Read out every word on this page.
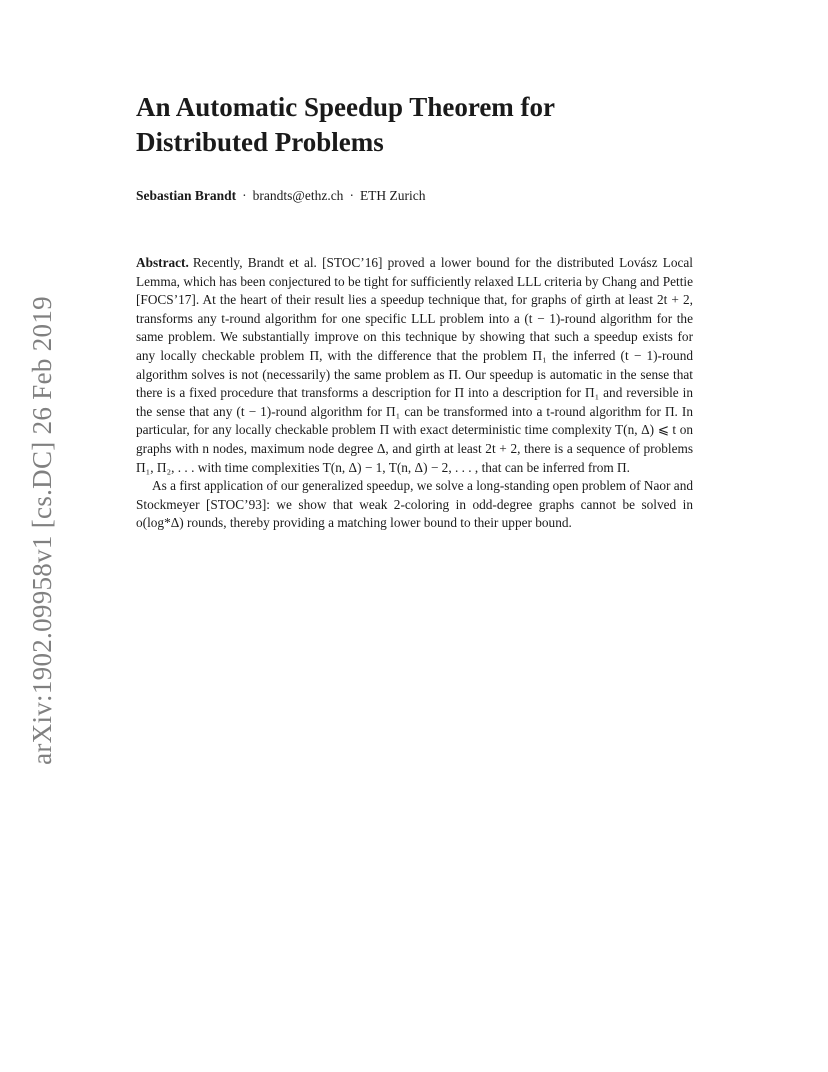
arXiv:1902.09958v1 [cs.DC] 26 Feb 2019
An Automatic Speedup Theorem for
Distributed Problems
Sebastian Brandt · brandts@ethz.ch · ETH Zurich

Abstract. Recently, Brandt et al. [STOC’16] proved a lower bound for the distributed Lovász Local Lemma, which has been conjectured to be tight for sufficiently relaxed LLL criteria by Chang and Pettie [FOCS’17]. At the heart of their result lies a speedup technique that, for graphs of girth at least 2t + 2, transforms any t-round algorithm for one specific LLL problem into a (t − 1)-round algorithm for the same problem. We substantially improve on this technique by showing that such a speedup exists for any locally checkable problem Π, with the difference that the problem Π₁ the inferred (t − 1)-round algorithm solves is not (necessarily) the same problem as Π. Our speedup is automatic in the sense that there is a fixed procedure that transforms a description for Π into a description for Π₁ and reversible in the sense that any (t − 1)-round algorithm for Π₁ can be transformed into a t-round algorithm for Π. In particular, for any locally checkable problem Π with exact deterministic time complexity T(n, Δ) ⩽ t on graphs with n nodes, maximum node degree Δ, and girth at least 2t + 2, there is a sequence of problems Π₁, Π₂, . . . with time complexities T(n, Δ) − 1, T(n, Δ) − 2, . . . , that can be inferred from Π.

As a first application of our generalized speedup, we solve a long-standing open problem of Naor and Stockmeyer [STOC’93]: we show that weak 2-coloring in odd-degree graphs cannot be solved in o(log*Δ) rounds, thereby providing a matching lower bound to their upper bound.
